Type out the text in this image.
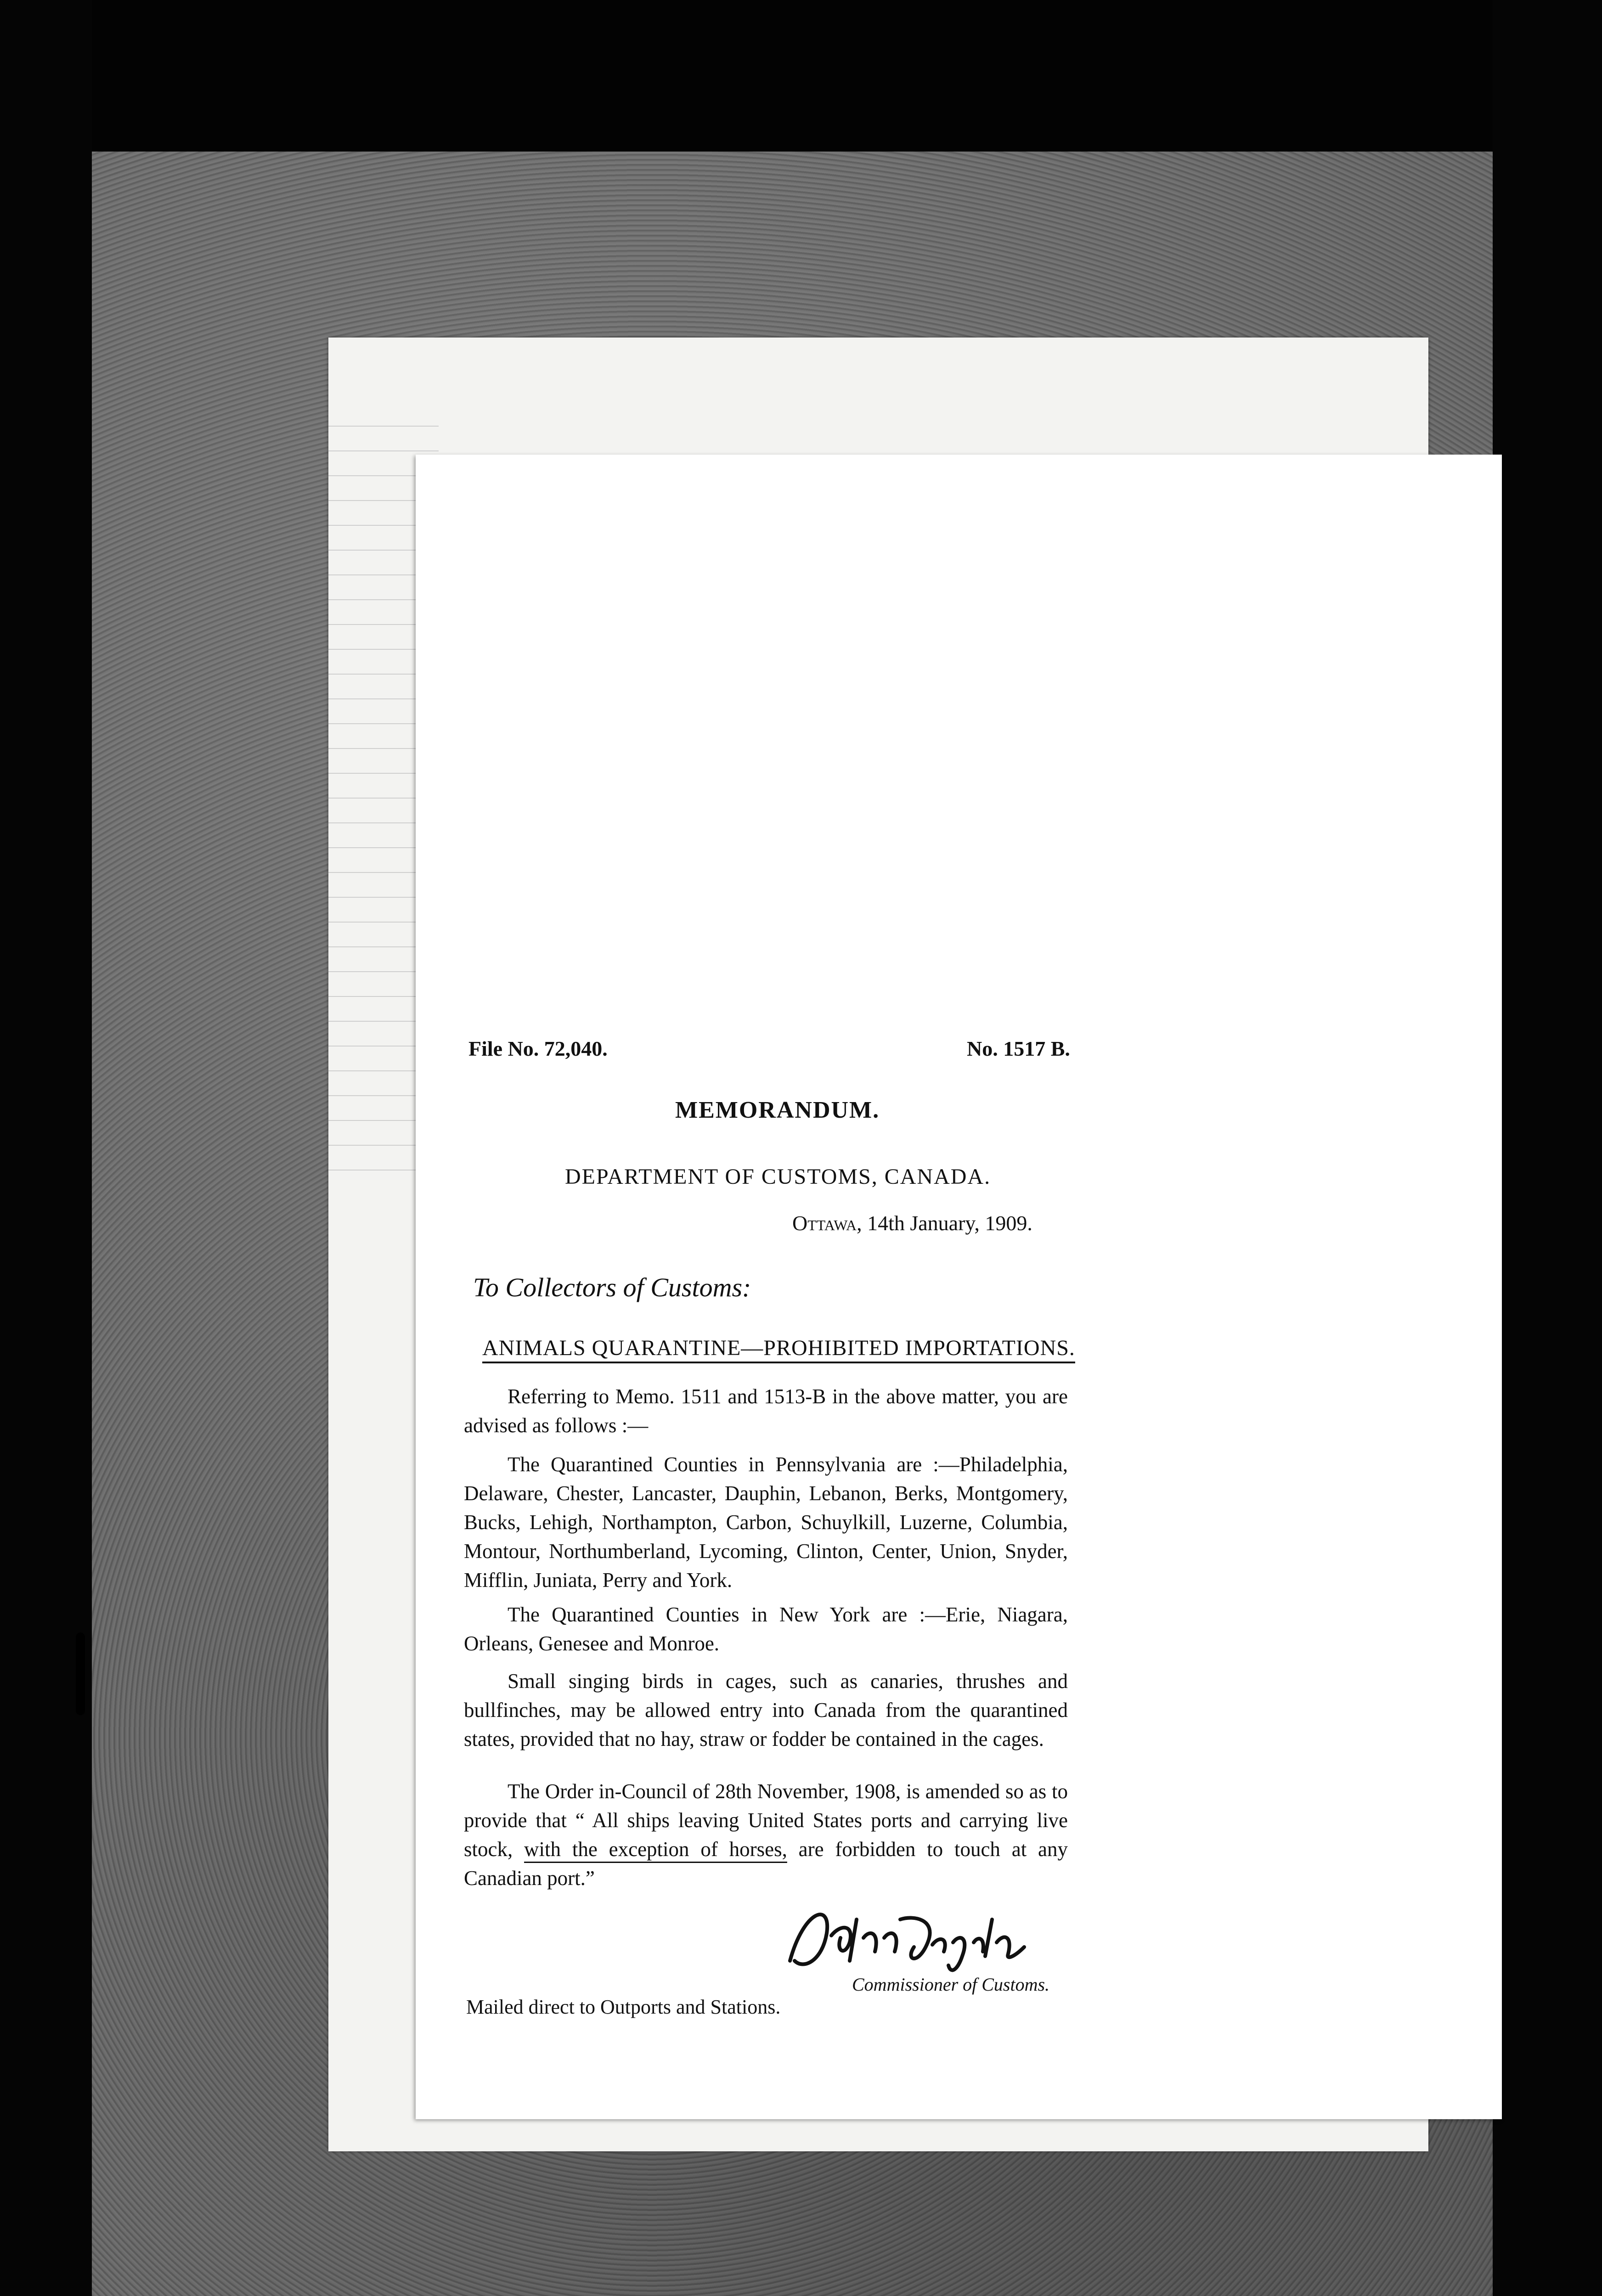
File No. 72,040.	No. 1517 B.
MEMORANDUM.
DEPARTMENT OF CUSTOMS, CANADA.
Ottawa, 14th January, 1909.
To Collectors of Customs:
ANIMALS QUARANTINE—PROHIBITED IMPORTATIONS.
Referring to Memo. 1511 and 1513-B in the above matter, you are advised as follows :—
The Quarantined Counties in Pennsylvania are :—Philadelphia, Delaware, Chester, Lancaster, Dauphin, Lebanon, Berks, Montgomery, Bucks, Lehigh, Northampton, Carbon, Schuylkill, Luzerne, Columbia, Montour, Northumberland, Lycoming, Clinton, Center, Union, Snyder, Mifflin, Juniata, Perry and York.
The Quarantined Counties in New York are :—Erie, Niagara, Orleans, Genesee and Monroe.
Small singing birds in cages, such as canaries, thrushes and bullfinches, may be allowed entry into Canada from the quarantined states, provided that no hay, straw or fodder be contained in the cages.
The Order in-Council of 28th November, 1908, is amended so as to provide that “ All ships leaving United States ports and carrying live stock, with the exception of horses, are forbidden to touch at any Canadian port.”
Commissioner of Customs.
Mailed direct to Outports and Stations.
